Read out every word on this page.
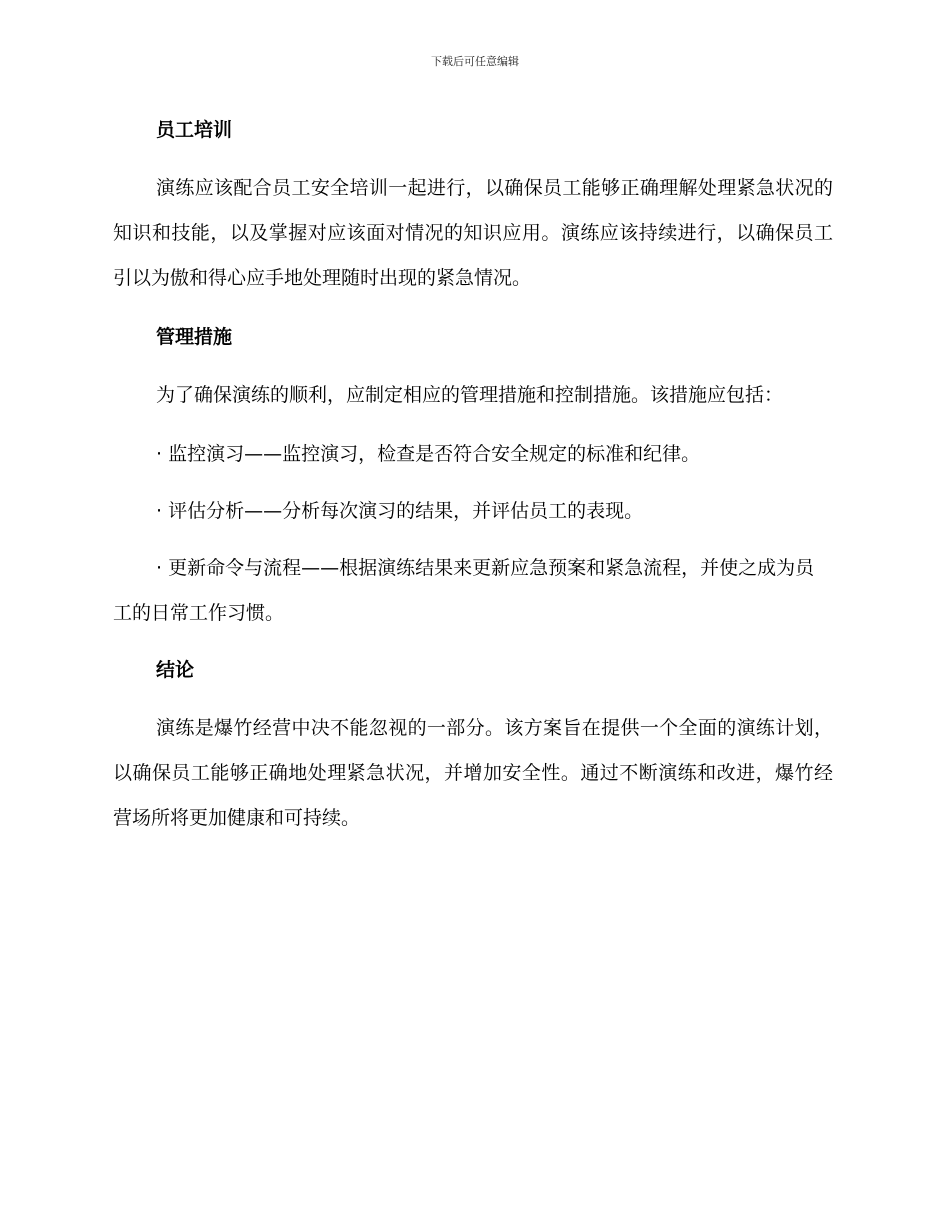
下载后可任意编辑
员工培训

演练应该配合员工安全培训一起进行，以确保员工能够正确理解处理紧急状况的知识和技能，以及掌握对应该面对情况的知识应用。演练应该持续进行，以确保员工引以为傲和得心应手地处理随时出现的紧急情况。

管理措施

为了确保演练的顺利，应制定相应的管理措施和控制措施。该措施应包括：

· 监控演习——监控演习，检查是否符合安全规定的标准和纪律。

· 评估分析——分析每次演习的结果，并评估员工的表现。

· 更新命令与流程——根据演练结果来更新应急预案和紧急流程，并使之成为员工的日常工作习惯。

结论

演练是爆竹经营中决不能忽视的一部分。该方案旨在提供一个全面的演练计划，以确保员工能够正确地处理紧急状况，并增加安全性。通过不断演练和改进，爆竹经营场所将更加健康和可持续。
